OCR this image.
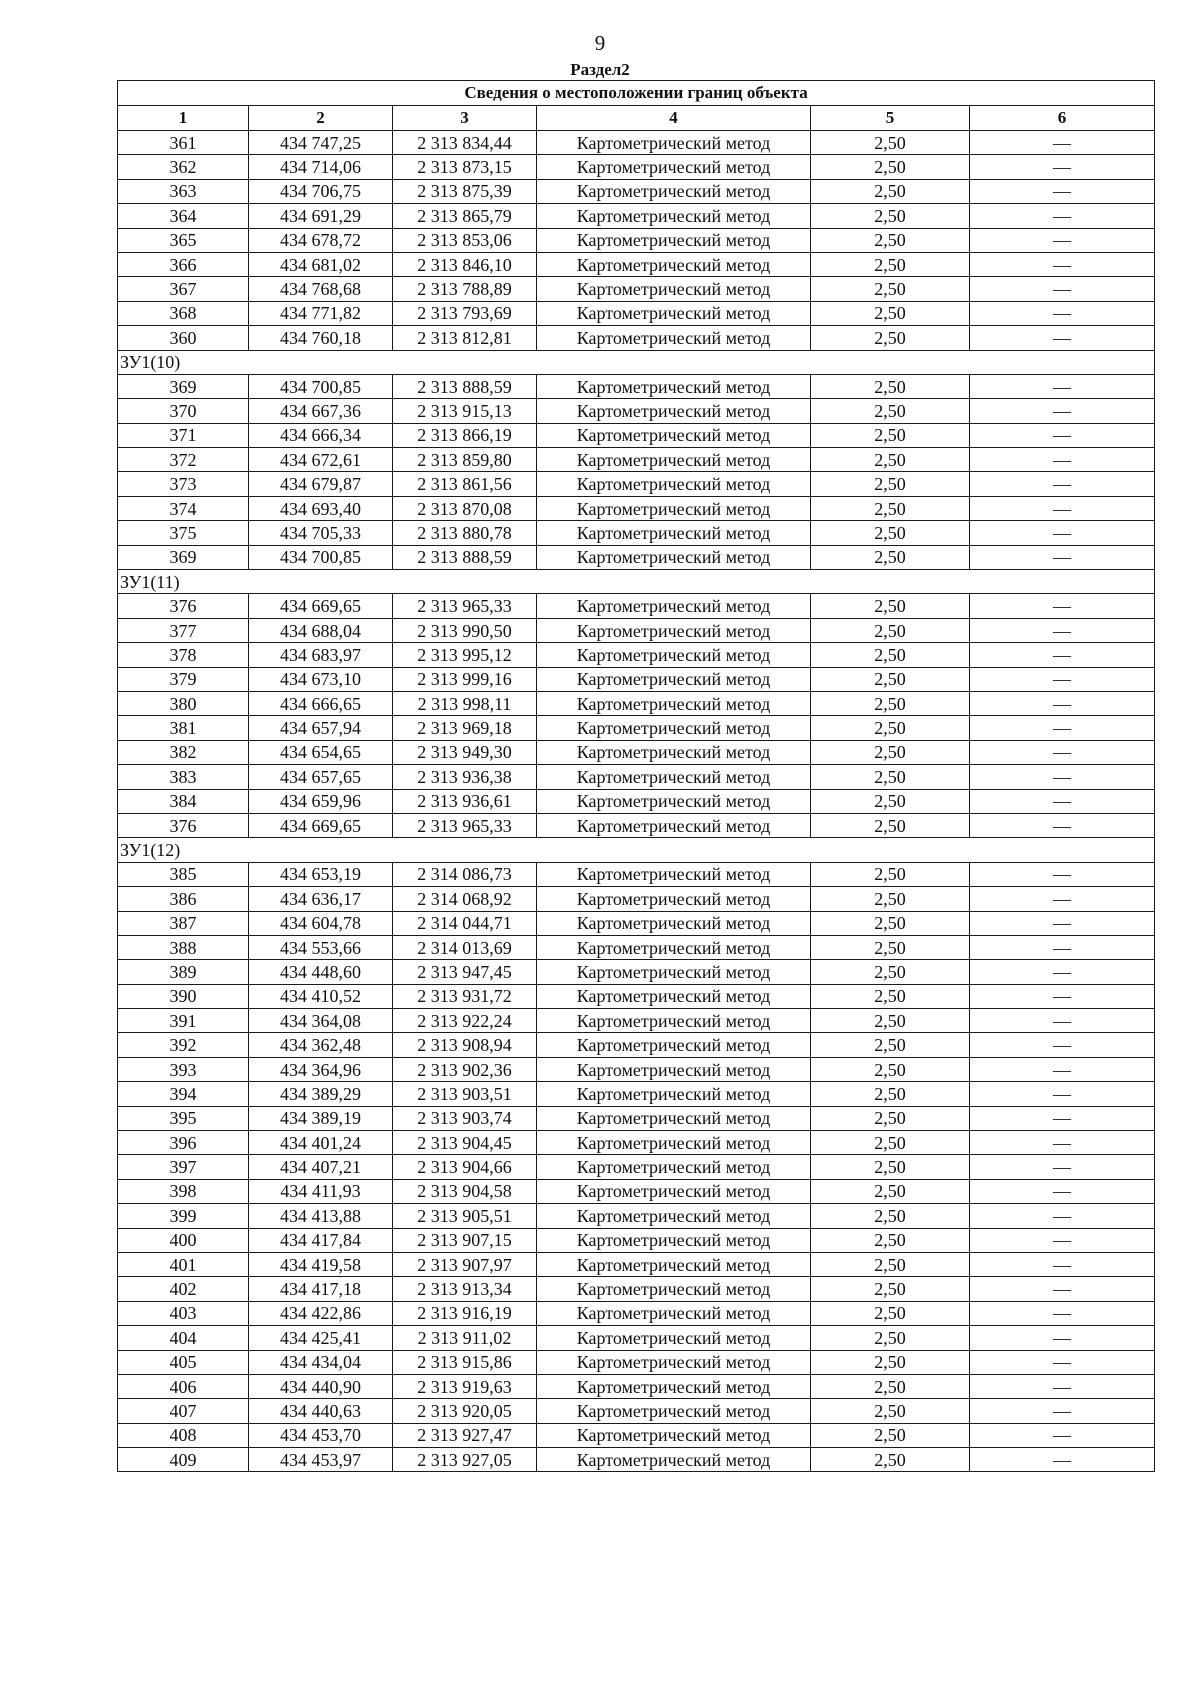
9
Раздел2
Сведения о местоположении границ объекта					
1	2	3	4	5	6
361	434 747,25	2 313 834,44	Картометрический метод	2,50	—
362	434 714,06	2 313 873,15	Картометрический метод	2,50	—
363	434 706,75	2 313 875,39	Картометрический метод	2,50	—
364	434 691,29	2 313 865,79	Картометрический метод	2,50	—
365	434 678,72	2 313 853,06	Картометрический метод	2,50	—
366	434 681,02	2 313 846,10	Картометрический метод	2,50	—
367	434 768,68	2 313 788,89	Картометрический метод	2,50	—
368	434 771,82	2 313 793,69	Картометрический метод	2,50	—
360	434 760,18	2 313 812,81	Картометрический метод	2,50	—
ЗУ1(10)					
369	434 700,85	2 313 888,59	Картометрический метод	2,50	—
370	434 667,36	2 313 915,13	Картометрический метод	2,50	—
371	434 666,34	2 313 866,19	Картометрический метод	2,50	—
372	434 672,61	2 313 859,80	Картометрический метод	2,50	—
373	434 679,87	2 313 861,56	Картометрический метод	2,50	—
374	434 693,40	2 313 870,08	Картометрический метод	2,50	—
375	434 705,33	2 313 880,78	Картометрический метод	2,50	—
369	434 700,85	2 313 888,59	Картометрический метод	2,50	—
ЗУ1(11)					
376	434 669,65	2 313 965,33	Картометрический метод	2,50	—
377	434 688,04	2 313 990,50	Картометрический метод	2,50	—
378	434 683,97	2 313 995,12	Картометрический метод	2,50	—
379	434 673,10	2 313 999,16	Картометрический метод	2,50	—
380	434 666,65	2 313 998,11	Картометрический метод	2,50	—
381	434 657,94	2 313 969,18	Картометрический метод	2,50	—
382	434 654,65	2 313 949,30	Картометрический метод	2,50	—
383	434 657,65	2 313 936,38	Картометрический метод	2,50	—
384	434 659,96	2 313 936,61	Картометрический метод	2,50	—
376	434 669,65	2 313 965,33	Картометрический метод	2,50	—
ЗУ1(12)					
385	434 653,19	2 314 086,73	Картометрический метод	2,50	—
386	434 636,17	2 314 068,92	Картометрический метод	2,50	—
387	434 604,78	2 314 044,71	Картометрический метод	2,50	—
388	434 553,66	2 314 013,69	Картометрический метод	2,50	—
389	434 448,60	2 313 947,45	Картометрический метод	2,50	—
390	434 410,52	2 313 931,72	Картометрический метод	2,50	—
391	434 364,08	2 313 922,24	Картометрический метод	2,50	—
392	434 362,48	2 313 908,94	Картометрический метод	2,50	—
393	434 364,96	2 313 902,36	Картометрический метод	2,50	—
394	434 389,29	2 313 903,51	Картометрический метод	2,50	—
395	434 389,19	2 313 903,74	Картометрический метод	2,50	—
396	434 401,24	2 313 904,45	Картометрический метод	2,50	—
397	434 407,21	2 313 904,66	Картометрический метод	2,50	—
398	434 411,93	2 313 904,58	Картометрический метод	2,50	—
399	434 413,88	2 313 905,51	Картометрический метод	2,50	—
400	434 417,84	2 313 907,15	Картометрический метод	2,50	—
401	434 419,58	2 313 907,97	Картометрический метод	2,50	—
402	434 417,18	2 313 913,34	Картометрический метод	2,50	—
403	434 422,86	2 313 916,19	Картометрический метод	2,50	—
404	434 425,41	2 313 911,02	Картометрический метод	2,50	—
405	434 434,04	2 313 915,86	Картометрический метод	2,50	—
406	434 440,90	2 313 919,63	Картометрический метод	2,50	—
407	434 440,63	2 313 920,05	Картометрический метод	2,50	—
408	434 453,70	2 313 927,47	Картометрический метод	2,50	—
409	434 453,97	2 313 927,05	Картометрический метод	2,50	—
